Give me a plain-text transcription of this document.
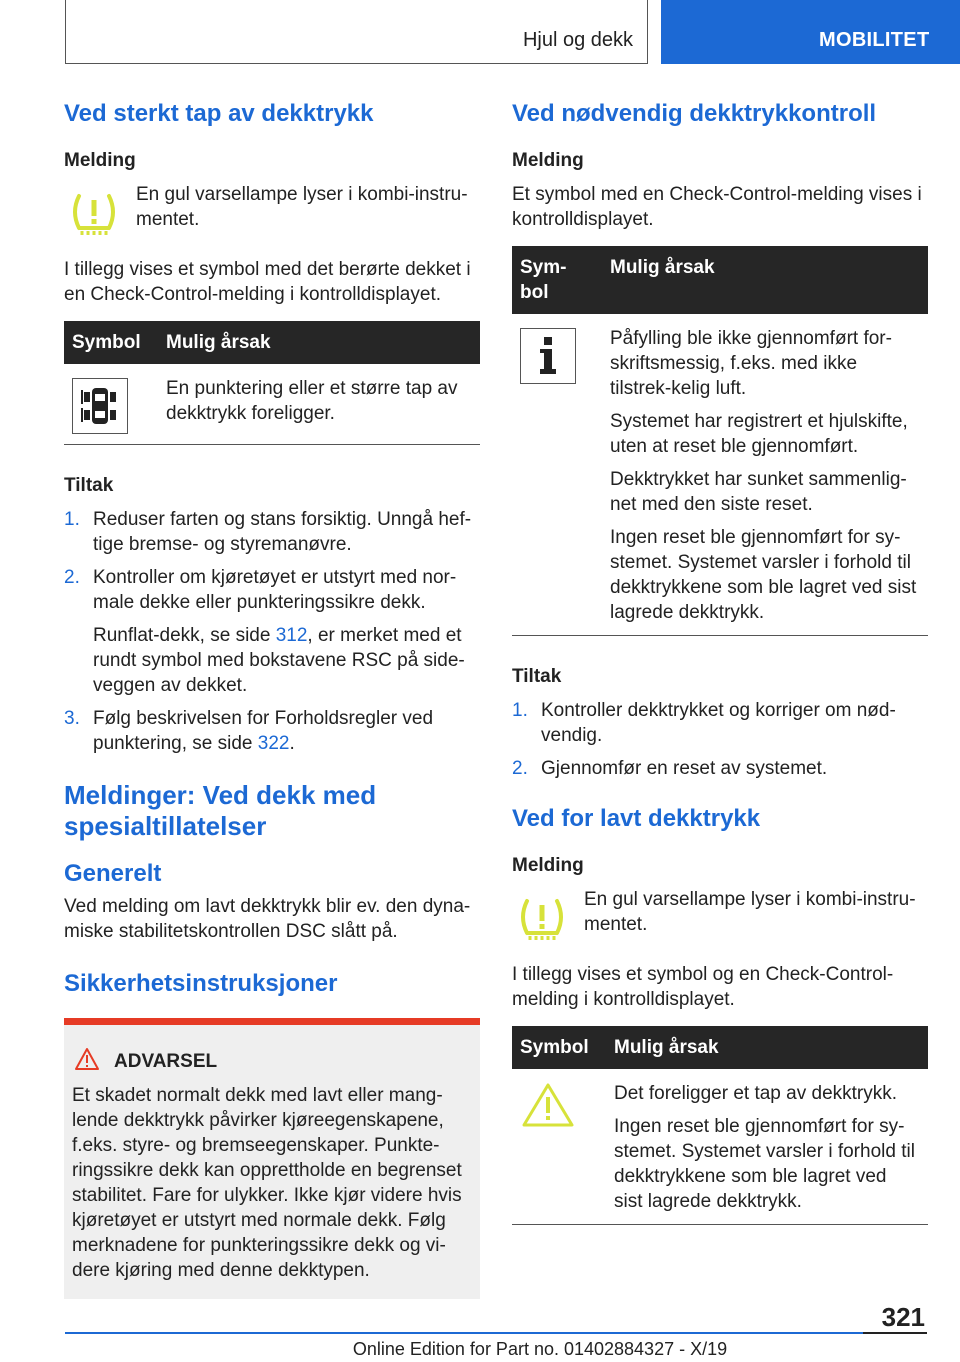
Hjul og dekk	MOBILITET
Ved sterkt tap av dekktrykk
Melding

En gul varsellampe lyser i kombi-instru-mentet.

I tillegg vises et symbol med det berørte dekket i en Check-Control-melding i kontrolldisplayet.

Symbol	Mulig årsak

En punktering eller et større tap av dekktrykk foreligger.

Tiltak
1. Reduser farten og stans forsiktig. Unngå hef-tige bremse- og styremanøvre.

2. Kontroller om kjøretøyet er utstyrt med nor-male dekke eller punkteringssikre dekk.

Runflat-dekk, se side 312, er merket med et rundt symbol med bokstavene RSC på side-veggen av dekket.

3. Følg beskrivelsen for Forholdsregler ved punktering, se side 322.

Meldinger: Ved dekk med spesialtillatelser
Generelt

Ved melding om lavt dekktrykk blir ev. den dyna-miske stabilitetskontrollen DSC slått på.

Sikkerhetsinstruksjoner
ADVARSEL

Et skadet normalt dekk med lavt eller mang-lende dekktrykk påvirker kjøreegenskapene, f.eks. styre- og bremseegenskaper. Punkte-ringssikre dekk kan opprettholde en begrenset stabilitet. Fare for ulykker. Ikke kjør videre hvis kjøretøyet er utstyrt med normale dekk. Følg merknadene for punkteringssikre dekk og vi-dere kjøring med denne dekktypen.

Ved nødvendig dekktrykkontroll
Melding

Et symbol med en Check-Control-melding vises i kontrolldisplayet.

Sym-bol	Mulig årsak

Påfylling ble ikke gjennomført for-skriftsmessig, f.eks. med ikke tilstrek-kelig luft.

Systemet har registrert et hjulskifte, uten at reset ble gjennomført.

Dekktrykket har sunket sammenlig-net med den siste reset.

Ingen reset ble gjennomført for sy-stemet. Systemet varsler i forhold til dekktrykkene som ble lagret ved sist lagrede dekktrykk.

Tiltak
1. Kontroller dekktrykket og korriger om nød-vendig.

2. Gjennomfør en reset av systemet.

Ved for lavt dekktrykk
Melding

En gul varsellampe lyser i kombi-instru-mentet.

I tillegg vises et symbol og en Check-Control-melding i kontrolldisplayet.

Symbol	Mulig årsak

Det foreligger et tap av dekktrykk.

Ingen reset ble gjennomført for sy-stemet. Systemet varsler i forhold til dekktrykkene som ble lagret ved sist lagrede dekktrykk.

321
Online Edition for Part no. 01402884327 - X/19
